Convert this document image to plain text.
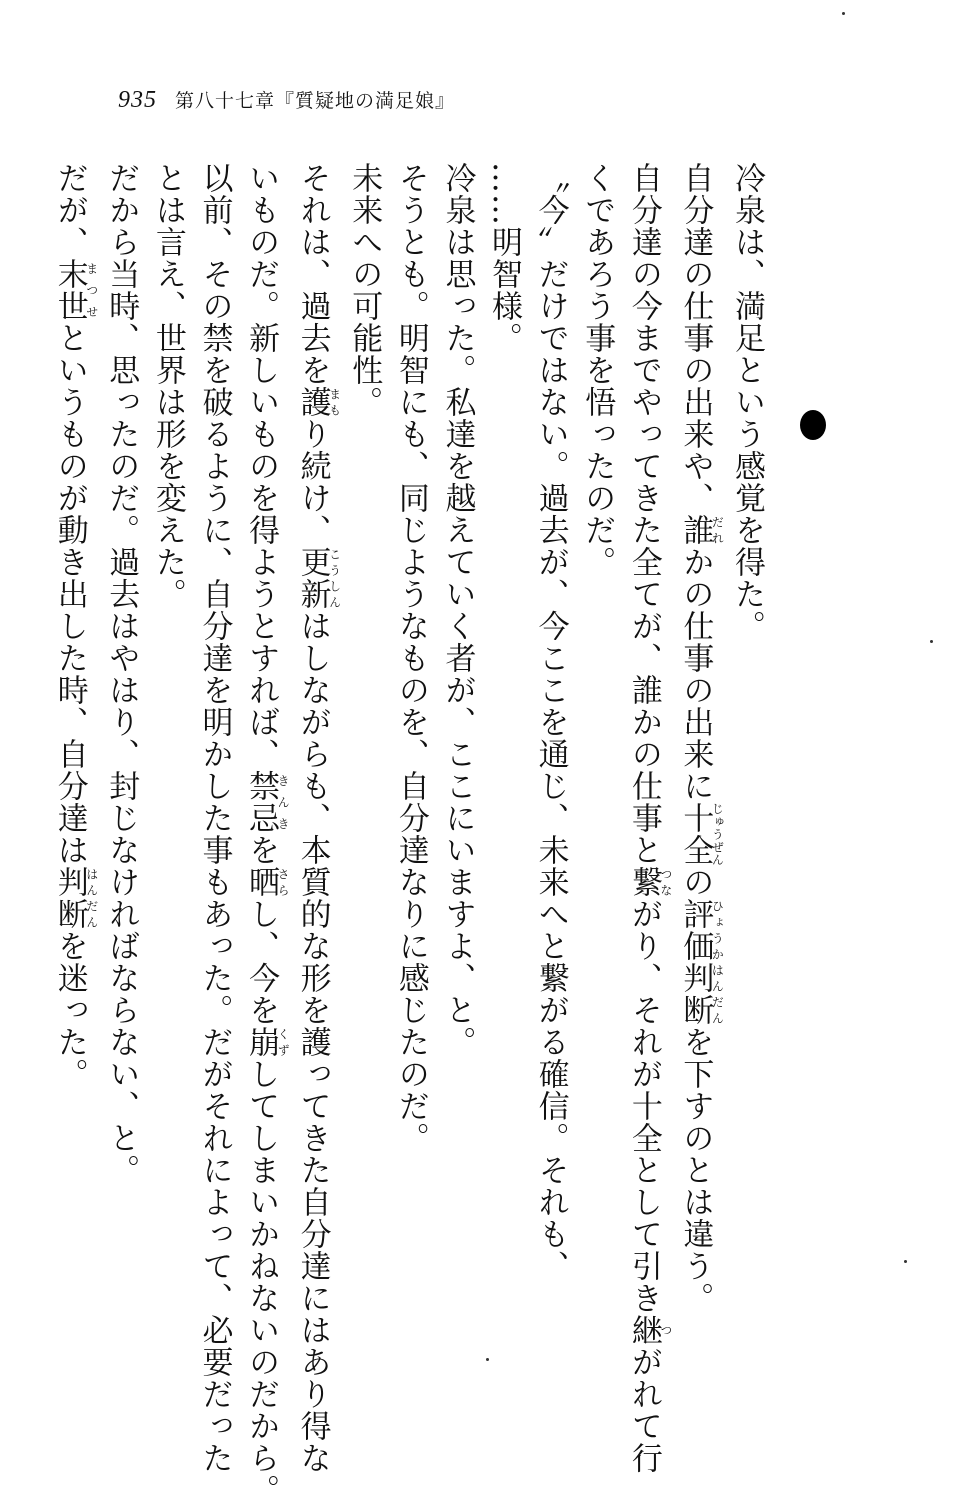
935 第八十七章『質疑地の満足娘』
冷泉は、満足という感覚を得た。
自分達の仕事の出来や、誰だれかの仕事の出来に十全じゅうぜんの評価判断ひょうかはんだんを下すのとは違う。
自分達の今までやってきた全てが、誰かの仕事と繋つながり、それが十全として引き継つがれて行
くであろう事を悟ったのだ。
〝今〟だけではない。過去が、今ここを通じ、未来へと繋がる確信。それも、
……明智様。
冷泉は思った。私達を越えていく者が、ここにいますよ、と。
そうとも。明智にも、同じようなものを、自分達なりに感じたのだ。
未来への可能性。
それは、過去を護まもり続け、更新こうしんはしながらも、本質的な形を護ってきた自分達にはあり得な
いものだ。新しいものを得ようとすれば、禁忌きんきを晒さらし、今を崩くずしてしまいかねないのだから。
以前、その禁を破るように、自分達を明かした事もあった。だがそれによって、必要だった
とは言え、世界は形を変えた。
だから当時、思ったのだ。過去はやはり、封じなければならない、と。
だが、末世まつせというものが動き出した時、自分達は判断はんだんを迷った。
